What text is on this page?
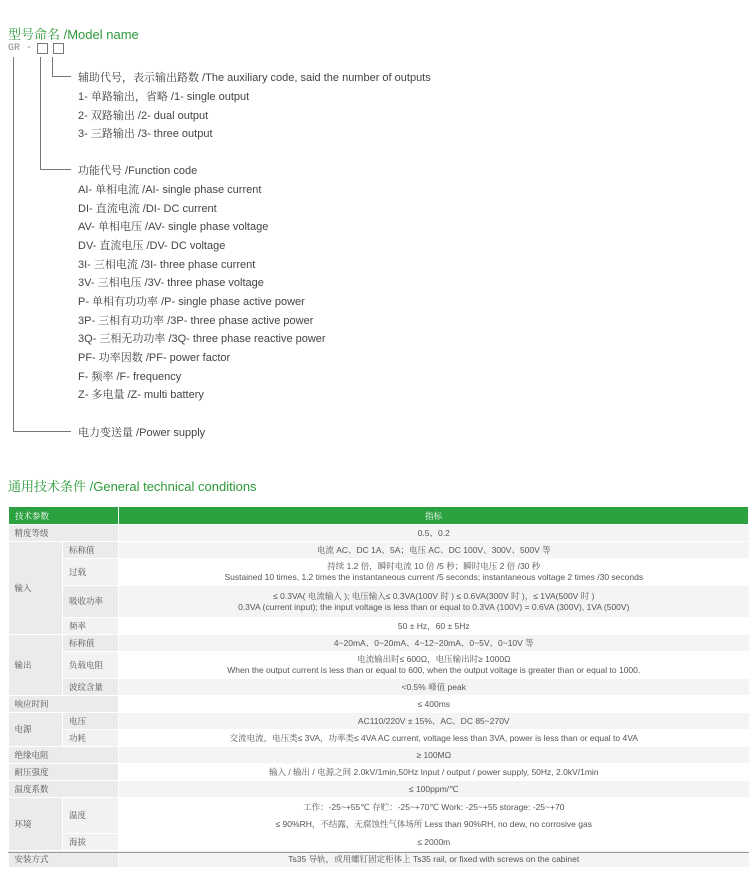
型号命名 /Model name
GR -

辅助代号，表示输出路数 /The auxiliary code, said the number of outputs

1- 单路输出，省略 /1- single output

2- 双路输出 /2- dual output

3- 三路输出 /3- three output

功能代号 /Function code

AI- 单相电流 /AI- single phase current

DI- 直流电流 /DI- DC current

AV- 单相电压 /AV- single phase voltage

DV- 直流电压 /DV- DC voltage

3I- 三相电流 /3I- three phase current

3V- 三相电压 /3V- three phase voltage

P- 单相有功功率 /P- single phase active power

3P- 三相有功功率 /3P- three phase active power

3Q- 三相无功功率 /3Q- three phase reactive power

PF- 功率因数 /PF- power factor

F- 频率 /F- frequency

Z- 多电量 /Z- multi battery

电力变送量 /Power supply

通用技术条件 /General technical conditions
技术参数		指标
精度等级		0.5、0.2
输入	标称值	电流 AC、DC 1A、5A；电压 AC、DC 100V、300V、500V 等
	过载	持续 1.2 倍，瞬时电流 10 倍 /5 秒；瞬时电压 2 倍 /30 秒
Sustained 10 times, 1.2 times the instantaneous current /5 seconds; instantaneous voltage 2 times /30 seconds

	吸收功率	≤ 0.3VA( 电流输入 ); 电压输入≤ 0.3VA(100V 时 ) ≤ 0.6VA(300V 时 )，≤ 1VA(500V 时 )
0.3VA (current input); the input voltage is less than or equal to 0.3VA (100V) = 0.6VA (300V), 1VA (500V)

	频率	50 ± Hz，60 ± 5Hz
输出	标称值	4~20mA、0~20mA、4~12~20mA、0~5V、0~10V 等
	负载电阻	电流输出时≤ 600Ω，电压输出时≥ 1000Ω
When the output current is less than or equal to 600, when the output voltage is greater than or equal to 1000.

	波纹含量	<0.5% 峰值 peak
响应时间		≤ 400ms
电源	电压	AC110/220V ± 15%、AC、DC 85~270V
	功耗	交流电流，电压类≤ 3VA，功率类≤ 4VA AC current, voltage less than 3VA, power is less than or equal to 4VA
绝缘电阻		≥ 100MΩ
耐压强度		输入 / 输出 / 电源之间 2.0kV/1min,50Hz Input / output / power supply, 50Hz, 2.0kV/1min
温度系数		≤ 100ppm/℃
环境	温度	工作：-25~+55℃ 存贮：-25~+70℃ Work: -25~+55 storage: -25~+70
≤ 90%RH，不结露，无腐蚀性气体场所 Less than 90%RH, no dew, no corrosive gas

	海拔	≤ 2000m
安装方式		Ts35 导轨，或用螺钉固定柜体上 Ts35 rail, or fixed with screws on the cabinet
